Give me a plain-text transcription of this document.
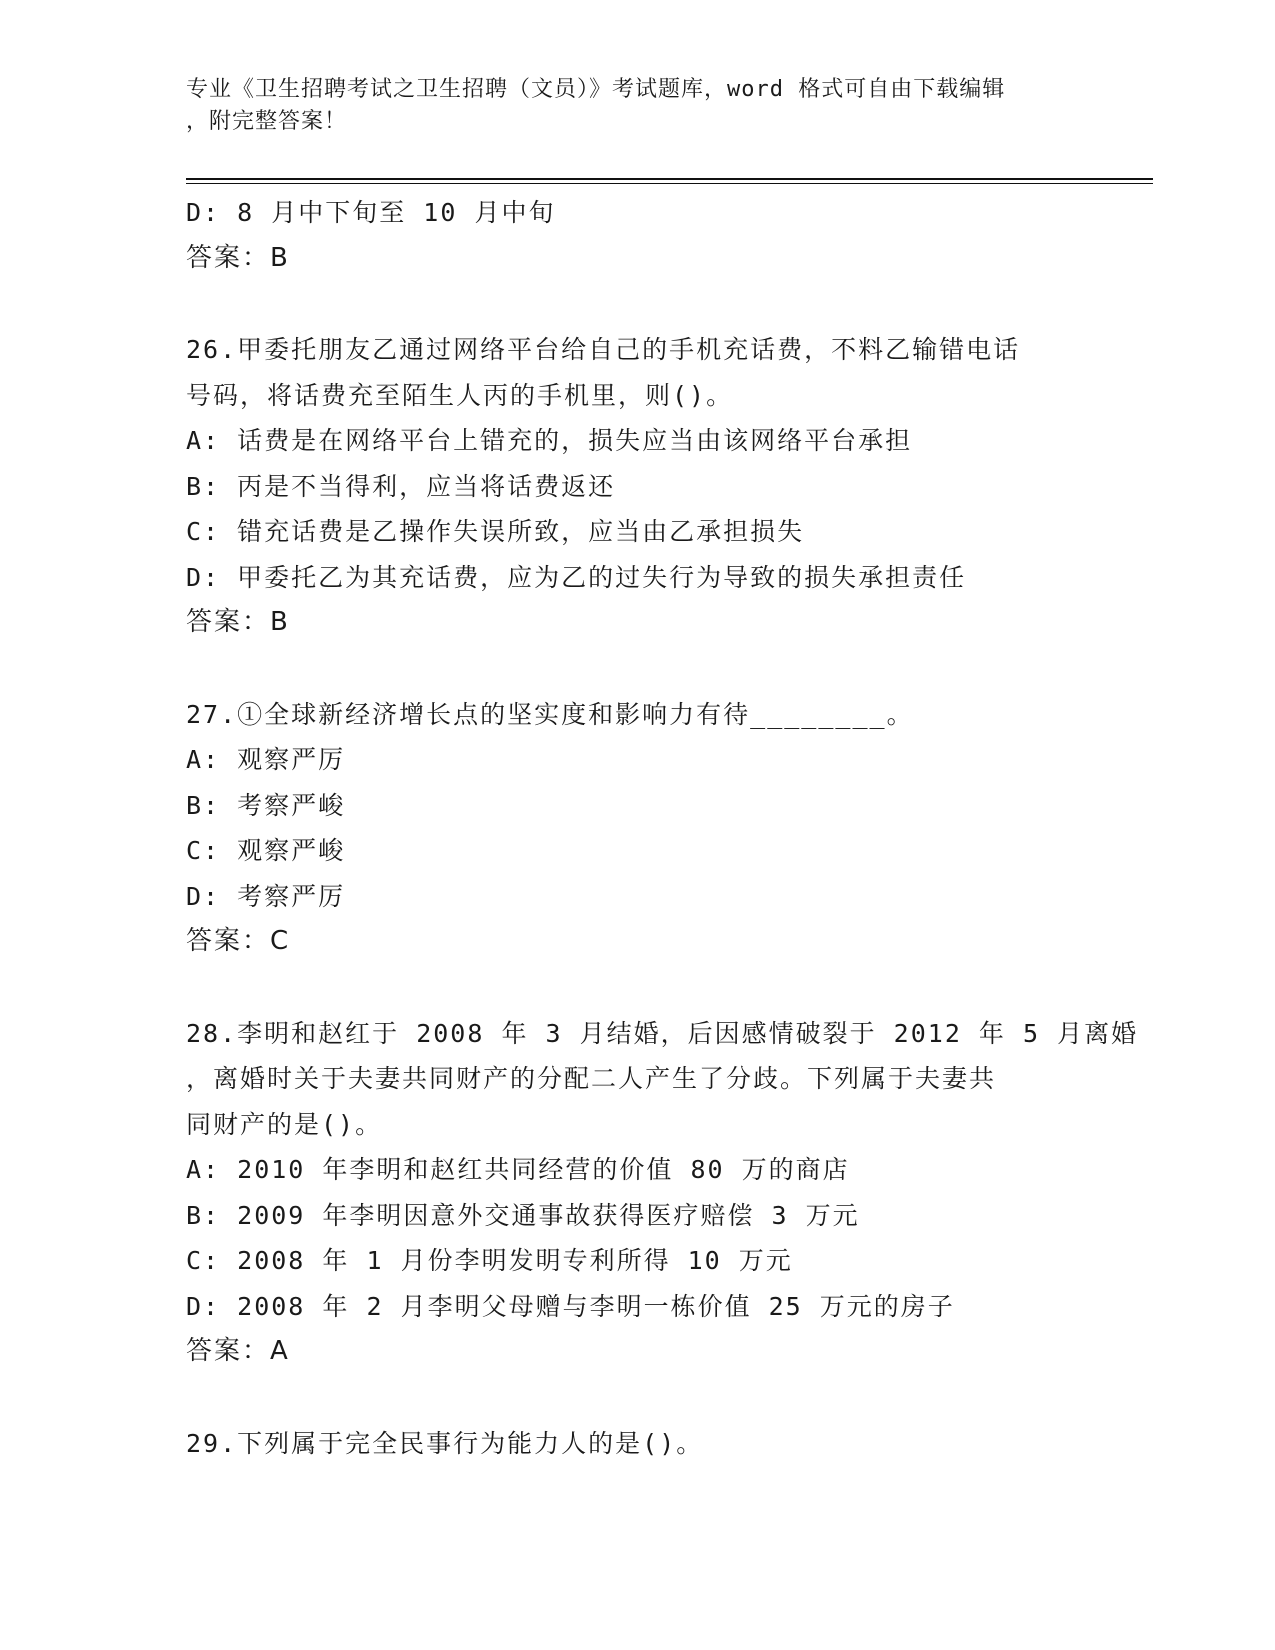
专业《卫生招聘考试之卫生招聘（文员）》考试题库，word 格式可自由下载编辑
，附完整答案！
D: 8 月中下旬至 10 月中旬
答案：B
26.甲委托朋友乙通过网络平台给自己的手机充话费，不料乙输错电话
号码，将话费充至陌生人丙的手机里，则()。
A: 话费是在网络平台上错充的，损失应当由该网络平台承担
B: 丙是不当得利，应当将话费返还
C: 错充话费是乙操作失误所致，应当由乙承担损失
D: 甲委托乙为其充话费，应为乙的过失行为导致的损失承担责任
答案：B
27.①全球新经济增长点的坚实度和影响力有待________。
A: 观察严厉
B: 考察严峻
C: 观察严峻
D: 考察严厉
答案：C
28.李明和赵红于 2008 年 3 月结婚，后因感情破裂于 2012 年 5 月离婚
，离婚时关于夫妻共同财产的分配二人产生了分歧。下列属于夫妻共
同财产的是()。
A: 2010 年李明和赵红共同经营的价值 80 万的商店
B: 2009 年李明因意外交通事故获得医疗赔偿 3 万元
C: 2008 年 1 月份李明发明专利所得 10 万元
D: 2008 年 2 月李明父母赠与李明一栋价值 25 万元的房子
答案：A
29.下列属于完全民事行为能力人的是()。
